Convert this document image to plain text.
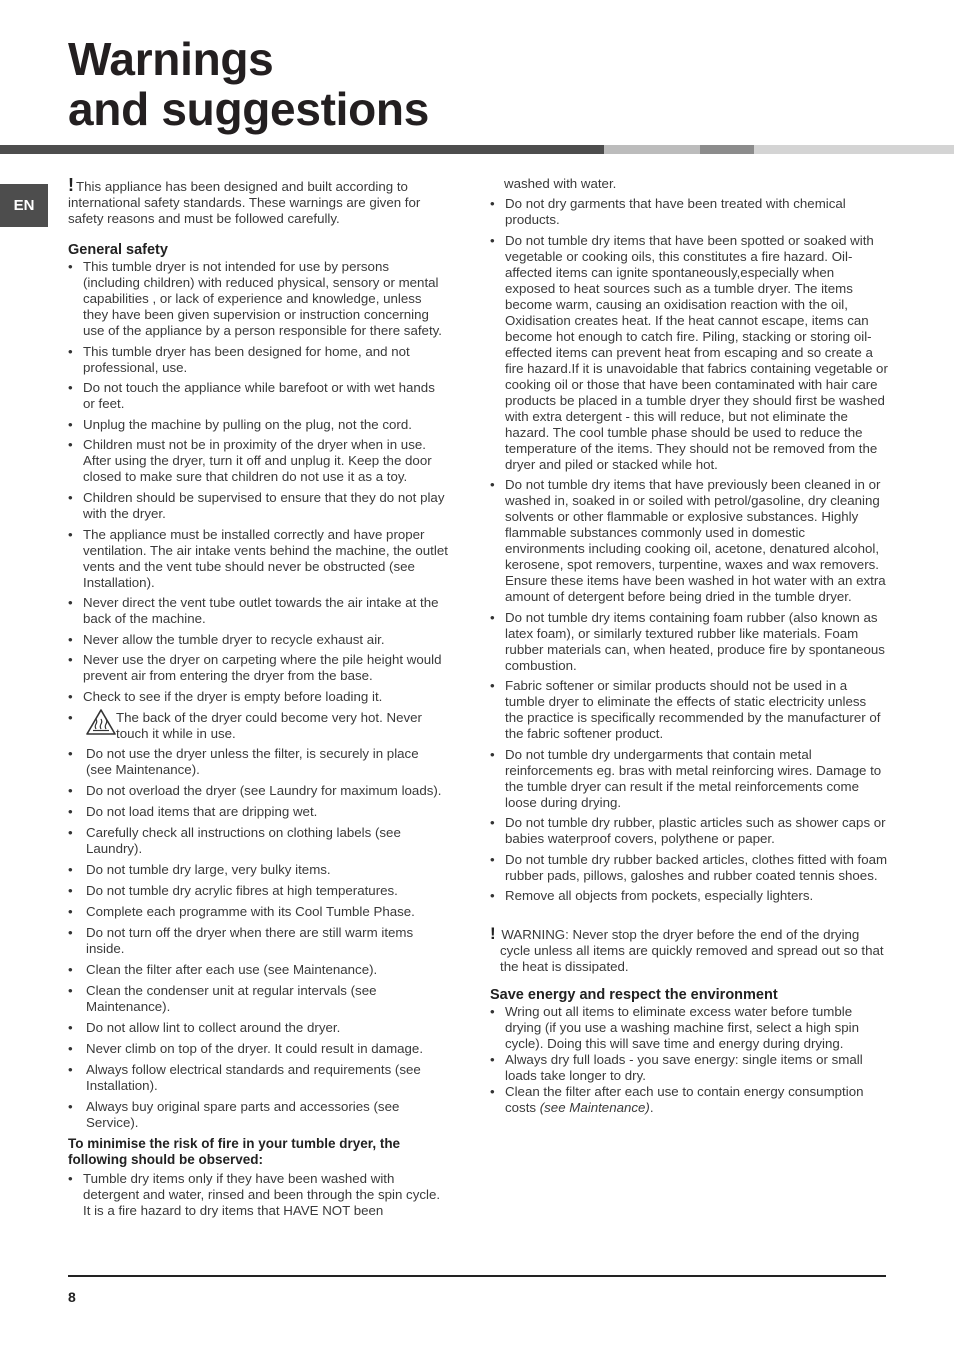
Warnings
and suggestions
EN

! This appliance has been designed and built according to international safety standards. These warnings are given for safety reasons and must be followed carefully.

General safety
• This tumble dryer is not intended for use by persons (including children) with reduced physical, sensory or mental capabilities , or lack of experience and knowledge, unless they have been given supervision or instruction concerning use of the appliance by a person responsible for there safety.
• This tumble dryer has been designed for home, and not professional, use.
• Do not touch the appliance while barefoot or with wet hands or feet.
• Unplug the machine by pulling on the plug, not the cord.
• Children must not be in proximity of the dryer when in use. After using the dryer, turn it off and unplug it. Keep the door closed to make sure that children do not use it as a toy.
• Children should be supervised to ensure that they do not play with the dryer.
• The appliance must be installed correctly and have proper ventilation. The air intake vents behind the machine, the outlet vents and the vent tube should never be obstructed (see Installation).
• Never direct the vent tube outlet towards the air intake at the back of the machine.
• Never allow the tumble dryer to recycle exhaust air.
• Never use the dryer on carpeting where the pile height would prevent air from entering the dryer from the base.
• Check to see if the dryer is empty before loading it.
• The back of the dryer could become very hot. Never touch it while in use.
• Do not use the dryer unless the filter, is securely in place (see Maintenance).
• Do not overload the dryer (see Laundry for maximum loads).
• Do not load items that are dripping wet.
• Carefully check all instructions on clothing labels (see Laundry).
• Do not tumble dry large, very bulky items.
• Do not tumble dry acrylic fibres at high temperatures.
• Complete each programme with its Cool Tumble Phase.
• Do not turn off the dryer when there are still warm items inside.
• Clean the filter after each use (see Maintenance).
• Clean the condenser unit at regular intervals (see Maintenance).
• Do not allow lint to collect around the dryer.
• Never climb on top of the dryer. It could result in damage.
• Always follow electrical standards and requirements (see Installation).
• Always buy original spare parts and accessories (see Service).
To minimise the risk of fire in your tumble dryer, the following should be observed:
• Tumble dry items only if they have been washed with detergent and water, rinsed and been through the spin cycle. It is a fire hazard to dry items that HAVE NOT been

washed with water.

• Do not dry garments that have been treated with chemical products.
• Do not tumble dry items that have been spotted or soaked with vegetable or cooking oils, this constitutes a fire hazard. Oil-affected items can ignite spontaneously,especially when exposed to heat sources such as a tumble dryer. The items become warm, causing an oxidisation reaction with the oil, Oxidisation creates heat. If the heat cannot escape, items can become hot enough to catch fire. Piling, stacking or storing oil-effected items can prevent heat from escaping and so create a fire hazard.If it is unavoidable that fabrics containing vegetable or cooking oil or those that have been contaminated with hair care products be placed in a tumble dryer they should first be washed with extra detergent - this will reduce, but not eliminate the hazard. The cool tumble phase should be used to reduce the temperature of the items. They should not be removed from the dryer and piled or stacked while hot.
• Do not tumble dry items that have previously been cleaned in or washed in, soaked in or soiled with petrol/gasoline, dry cleaning solvents or other flammable or explosive substances. Highly flammable substances commonly used in domestic environments including cooking oil, acetone, denatured alcohol, kerosene, spot removers, turpentine, waxes and wax removers. Ensure these items have been washed in hot water with an extra amount of detergent before being dried in the tumble dryer.
• Do not tumble dry items containing foam rubber (also known as latex foam), or similarly textured rubber like materials. Foam rubber materials can, when heated, produce fire by spontaneous combustion.
• Fabric softener or similar products should not be used in a tumble dryer to eliminate the effects of static electricity unless the practice is specifically recommended by the manufacturer of the fabric softener product.
• Do not tumble dry undergarments that contain metal reinforcements eg. bras with metal reinforcing wires. Damage to the tumble dryer can result if the metal reinforcements come loose during drying.
• Do not tumble dry rubber, plastic articles such as shower caps or babies waterproof covers, polythene or paper.
• Do not tumble dry rubber backed articles, clothes fitted with foam rubber pads, pillows, galoshes and rubber coated tennis shoes.
• Remove all objects from pockets, especially lighters.

! WARNING: Never stop the dryer before the end of the drying cycle unless all items are quickly removed and spread out so that the heat is dissipated.

Save energy and respect the environment
• Wring out all items to eliminate excess water before tumble drying (if you use a washing machine first, select a high spin cycle). Doing this will save time and energy during drying.
• Always dry full loads - you save energy: single items or small loads take longer to dry.
• Clean the filter after each use to contain energy consumption costs (see Maintenance).
8
